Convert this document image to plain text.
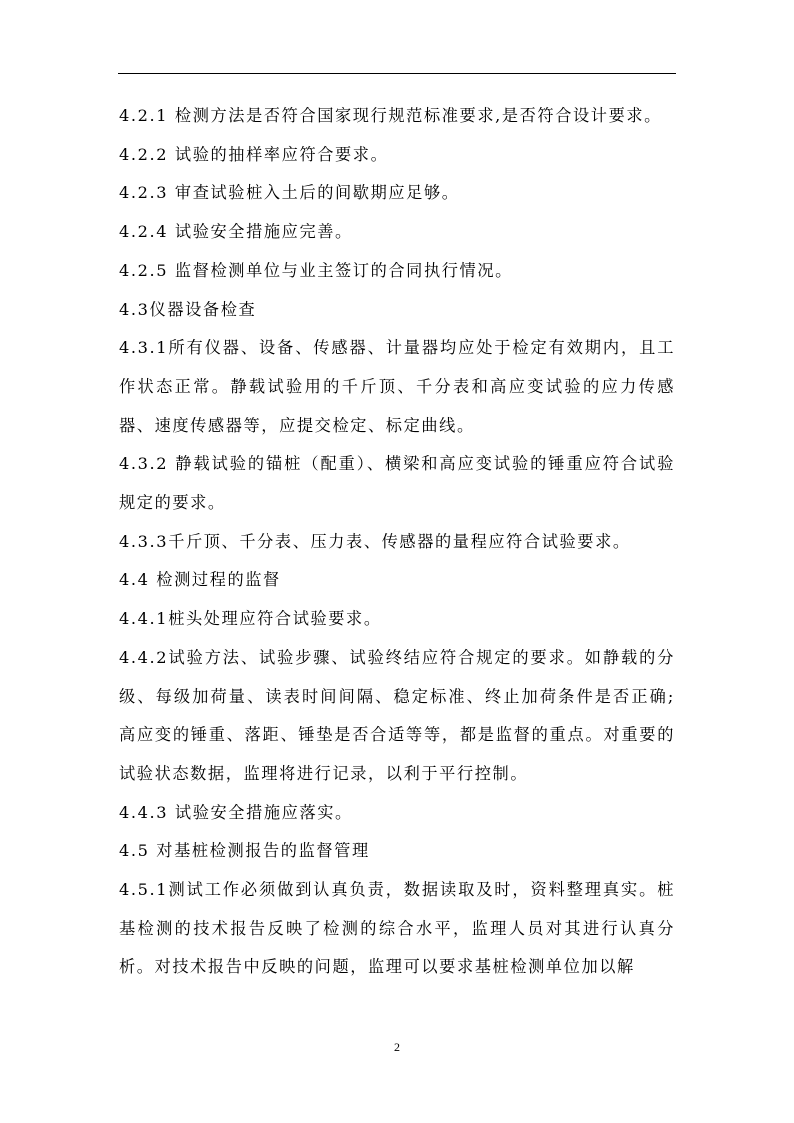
4.2.1 检测方法是否符合国家现行规范标准要求,是否符合设计要求。

4.2.2 试验的抽样率应符合要求。

4.2.3 审查试验桩入土后的间歇期应足够。

4.2.4 试验安全措施应完善。

4.2.5 监督检测单位与业主签订的合同执行情况。

4.3仪器设备检查

4.3.1所有仪器、设备、传感器、计量器均应处于检定有效期内，且工作状态正常。静载试验用的千斤顶、千分表和高应变试验的应力传感器、速度传感器等，应提交检定、标定曲线。

4.3.2 静载试验的锚桩（配重）、横梁和高应变试验的锤重应符合试验规定的要求。

4.3.3千斤顶、千分表、压力表、传感器的量程应符合试验要求。

4.4 检测过程的监督

4.4.1桩头处理应符合试验要求。

4.4.2试验方法、试验步骤、试验终结应符合规定的要求。如静载的分级、每级加荷量、读表时间间隔、稳定标准、终止加荷条件是否正确;高应变的锤重、落距、锤垫是否合适等等，都是监督的重点。对重要的试验状态数据，监理将进行记录，以利于平行控制。

4.4.3 试验安全措施应落实。

4.5 对基桩检测报告的监督管理

4.5.1测试工作必须做到认真负责，数据读取及时，资料整理真实。桩基检测的技术报告反映了检测的综合水平，监理人员对其进行认真分析。对技术报告中反映的问题，监理可以要求基桩检测单位加以解

2
